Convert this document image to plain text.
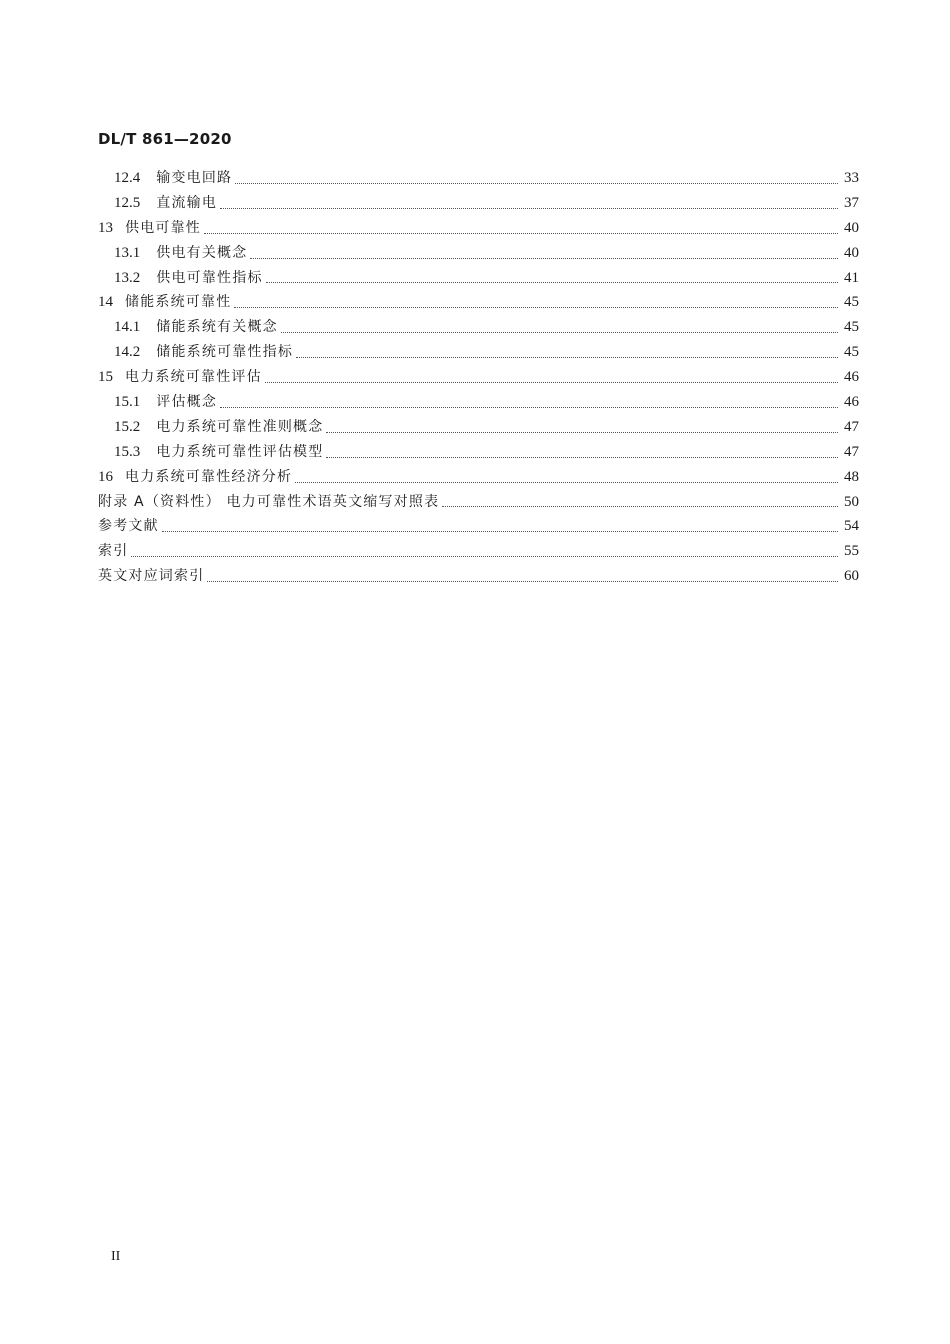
DL/T 861—2020
12.4 输变电回路	33
12.5 直流输电	37
13 供电可靠性	40
13.1 供电有关概念	40
13.2 供电可靠性指标	41
14 储能系统可靠性	45
14.1 储能系统有关概念	45
14.2 储能系统可靠性指标	45
15 电力系统可靠性评估	46
15.1 评估概念	46
15.2 电力系统可靠性准则概念	47
15.3 电力系统可靠性评估模型	47
16 电力系统可靠性经济分析	48
附录 A（资料性） 电力可靠性术语英文缩写对照表	50
参考文献	54
索引	55
英文对应词索引	60
II
